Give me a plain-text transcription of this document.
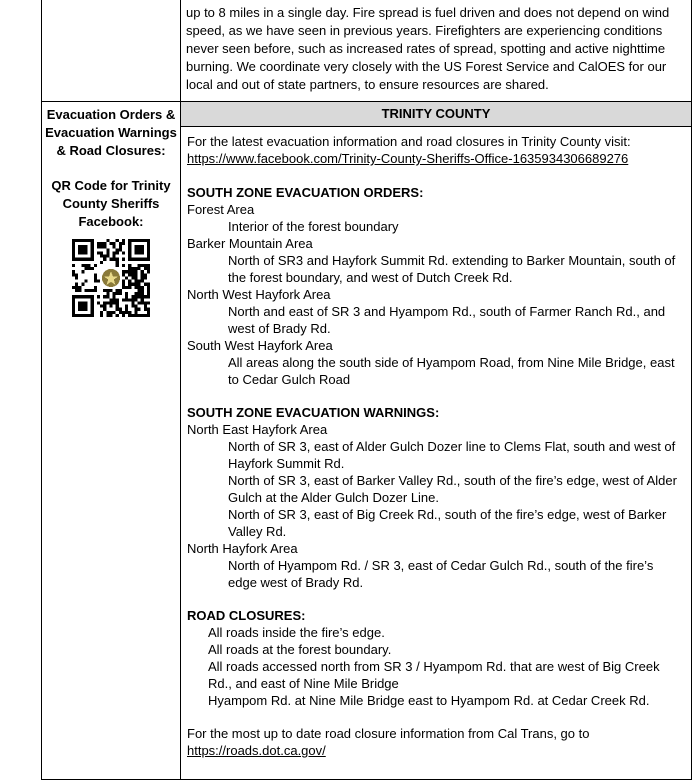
up to 8 miles in a single day. Fire spread is fuel driven and does not depend on wind speed, as we have seen in previous years. Firefighters are experiencing conditions never seen before, such as increased rates of spread, spotting and active nighttime burning. We coordinate very closely with the US Forest Service and CalOES for our local and out of state partners, to ensure resources are shared.

Evacuation Orders & Evacuation Warnings & Road Closures:
QR Code for Trinity County Sheriffs Facebook:
TRINITY COUNTY

For the latest evacuation information and road closures in Trinity County visit:

https://www.facebook.com/Trinity-County-Sheriffs-Office-1635934306689276

SOUTH ZONE EVACUATION ORDERS:

Forest Area

Interior of the forest boundary

Barker Mountain Area

North of SR3 and Hayfork Summit Rd. extending to Barker Mountain, south of the forest boundary, and west of Dutch Creek Rd.

North West Hayfork Area

North and east of SR 3 and Hyampom Rd., south of Farmer Ranch Rd., and west of Brady Rd.

South West Hayfork Area

All areas along the south side of Hyampom Road, from Nine Mile Bridge, east to Cedar Gulch Road

SOUTH ZONE EVACUATION WARNINGS:

North East Hayfork Area

North of SR 3, east of Alder Gulch Dozer line to Clems Flat, south and west of Hayfork Summit Rd.

North of SR 3, east of Barker Valley Rd., south of the fire’s edge, west of Alder Gulch at the Alder Gulch Dozer Line.

North of SR 3, east of Big Creek Rd., south of the fire’s edge, west of Barker Valley Rd.

North Hayfork Area

North of Hyampom Rd. / SR 3, east of Cedar Gulch Rd., south of the fire’s edge west of Brady Rd.

ROAD CLOSURES:

All roads inside the fire’s edge.

All roads at the forest boundary.

All roads accessed north from SR 3 / Hyampom Rd. that are west of Big Creek Rd., and east of Nine Mile Bridge

Hyampom Rd. at Nine Mile Bridge east to Hyampom Rd. at Cedar Creek Rd.

For the most up to date road closure information from Cal Trans, go to

https://roads.dot.ca.gov/
